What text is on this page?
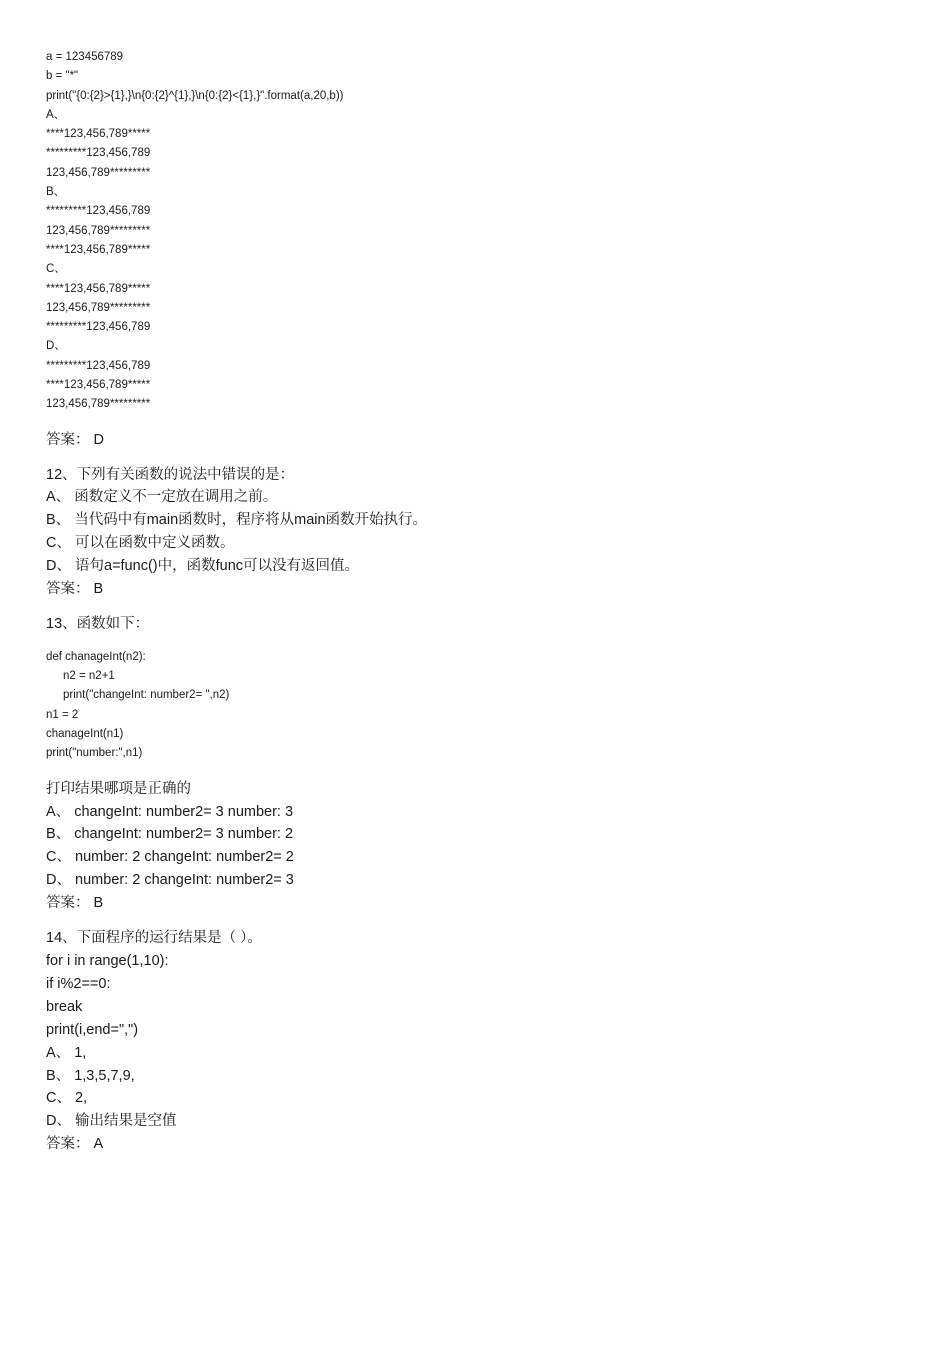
a = 123456789
b = "*"
print("{0:{2}>{1},}\n{0:{2}^{1},}\n{0:{2}<{1},}".format(a,20,b))
A、
****123,456,789*****
*********123,456,789
123,456,789*********
B、
*********123,456,789
123,456,789*********
****123,456,789*****
C、
****123,456,789*****
123,456,789*********
*********123,456,789
D、
*********123,456,789
****123,456,789*****
123,456,789*********
答案： D
12、下列有关函数的说法中错误的是：
A、 函数定义不一定放在调用之前。
B、 当代码中有main函数时，程序将从main函数开始执行。
C、 可以在函数中定义函数。
D、 语句a=func()中，函数func可以没有返回值。
答案： B
13、函数如下：
def chanageInt(n2):
n2 = n2+1
print("changeInt: number2= ",n2)
n1 = 2
chanageInt(n1)
print("number:",n1)
打印结果哪项是正确的
A、 changeInt: number2= 3 number: 3
B、 changeInt: number2= 3 number: 2
C、 number: 2 changeInt: number2= 2
D、 number: 2 changeInt: number2= 3
答案： B
14、下面程序的运行结果是（ ）。
for i in range(1,10):
if i%2==0:
break
print(i,end=",")
A、 1,
B、 1,3,5,7,9,
C、 2,
D、 输出结果是空值
答案： A
